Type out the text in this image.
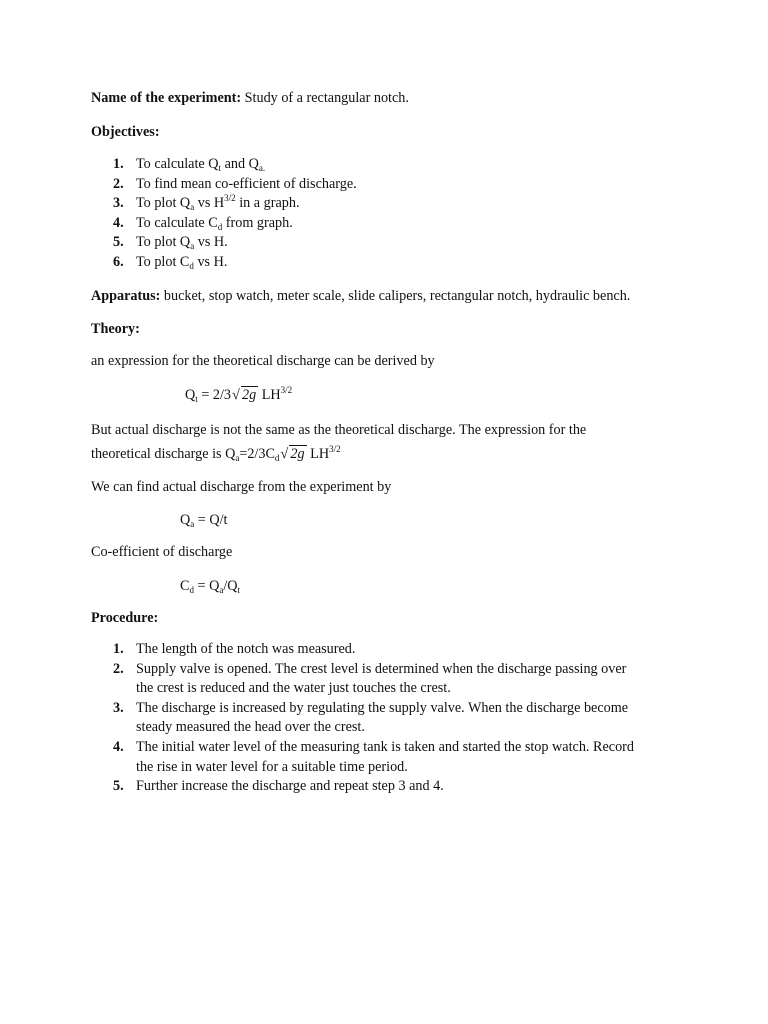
Name of the experiment: Study of a rectangular notch.

Objectives:

1. To calculate $Q_t$ and $Q_{a.}$
2. To find mean co-efficient of discharge.
3. To plot $Q_a$ vs $H^{3/2}$ in a graph.
4. To calculate $C_d$ from graph.
5. To plot $Q_a$ vs H.
6. To plot $C_d$ vs H.

Apparatus: bucket, stop watch, meter scale, slide calipers, rectangular notch, hydraulic bench.

Theory:

an expression for the theoretical discharge can be derived by

$Q_t = 2/3$ √ 2g $LH^{3/2}$

But actual discharge is not the same as the theoretical discharge. The expression for the
theoretical discharge is $Q_a=2/3C_d$ √ 2g $LH^{3/2}$

We can find actual discharge from the experiment by

$Q_a = Q/t$

Co-efficient of discharge

$C_d = Q_a/Q_t$

Procedure:

1. The length of the notch was measured.
2. Supply valve is opened. The crest level is determined when the discharge passing over
the crest is reduced and the water just touches the crest.
3. The discharge is increased by regulating the supply valve. When the discharge become
steady measured the head over the crest.
4. The initial water level of the measuring tank is taken and started the stop watch. Record
the rise in water level for a suitable time period.
5. Further increase the discharge and repeat step 3 and 4.
